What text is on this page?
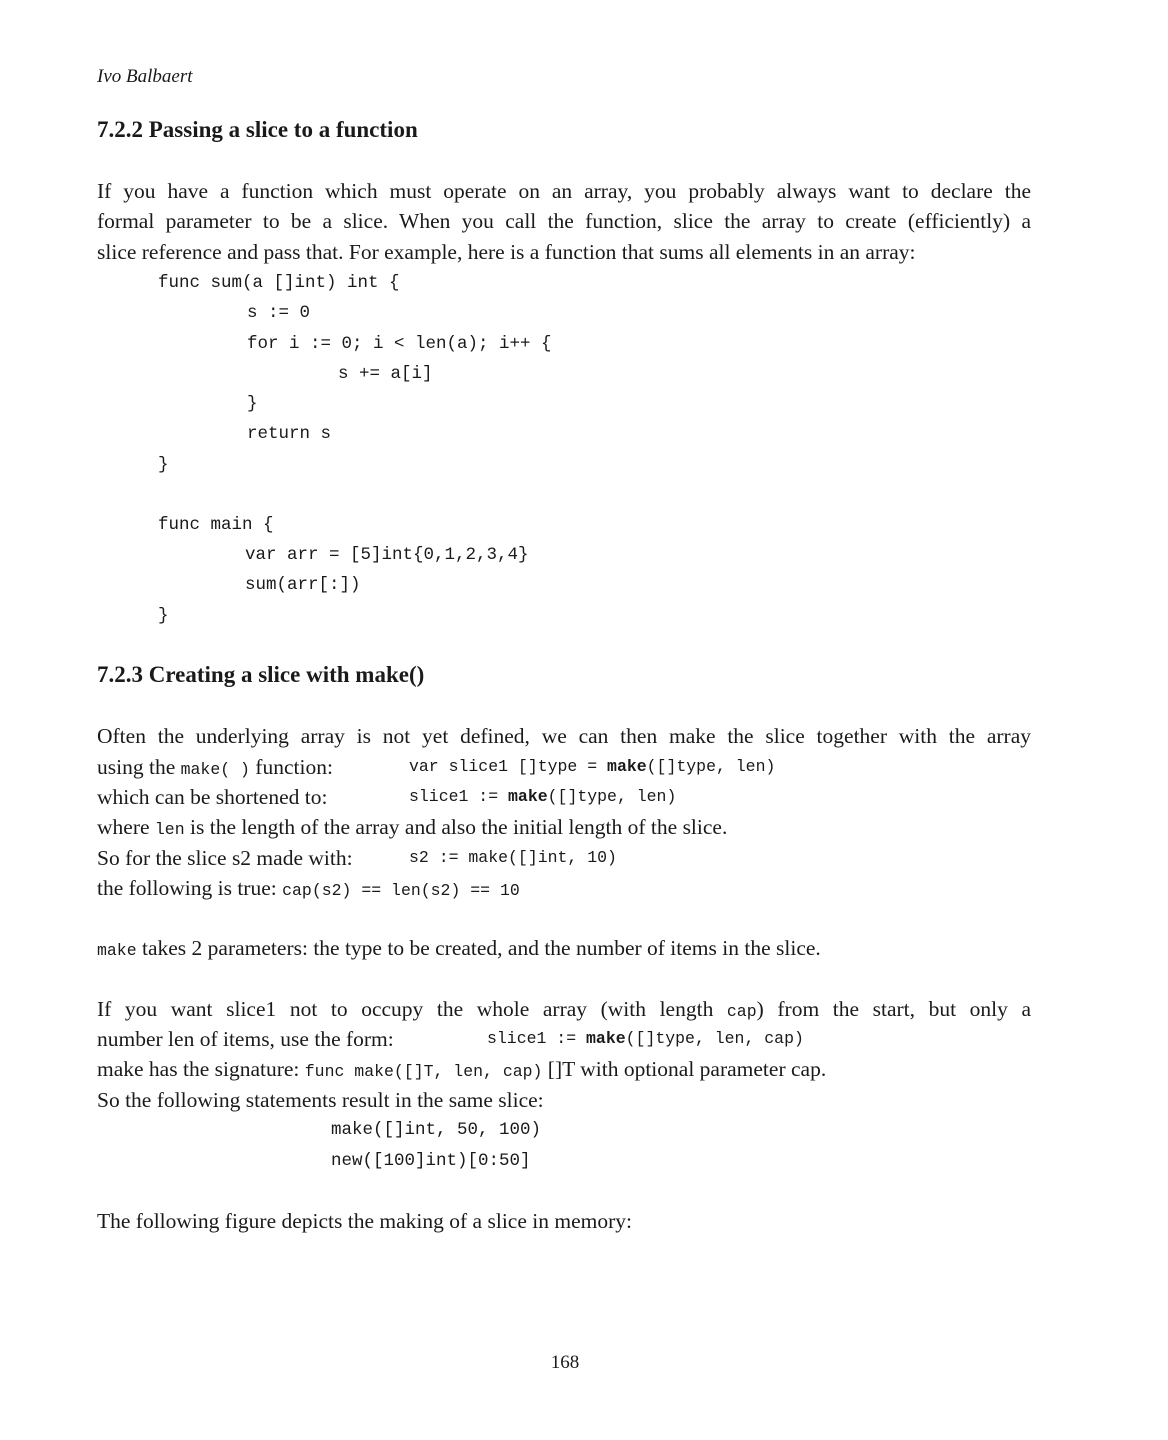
Ivo Balbaert
7.2.2 Passing a slice to a function
If you have a function which must operate on an array, you probably always want to declare the
formal parameter to be a slice. When you call the function, slice the array to create (efficiently) a
slice reference and pass that. For example, here is a function that sums all elements in an array:
func sum(a []int) int {
s := 0
for i := 0; i < len(a); i++ {
s += a[i]
}
return s
}
func main {
var arr = [5]int{0,1,2,3,4}
sum(arr[:])
}
7.2.3 Creating a slice with make()
Often the underlying array is not yet defined, we can then make the slice together with the array
using the make( ) function:	var slice1 []type = make([]type, len)
which can be shortened to:	slice1 := make([]type, len)
where len is the length of the array and also the initial length of the slice.
So for the slice s2 made with:	s2 := make([]int, 10)
the following is true: cap(s2) == len(s2) == 10
make takes 2 parameters: the type to be created, and the number of items in the slice.
If you want slice1 not to occupy the whole array (with length cap) from the start, but only a
number len of items, use the form:	slice1 := make([]type, len, cap)
make has the signature: func make([]T, len, cap) []T with optional parameter cap.
So the following statements result in the same slice:
make([]int, 50, 100)
new([100]int)[0:50]
The following figure depicts the making of a slice in memory:
168
